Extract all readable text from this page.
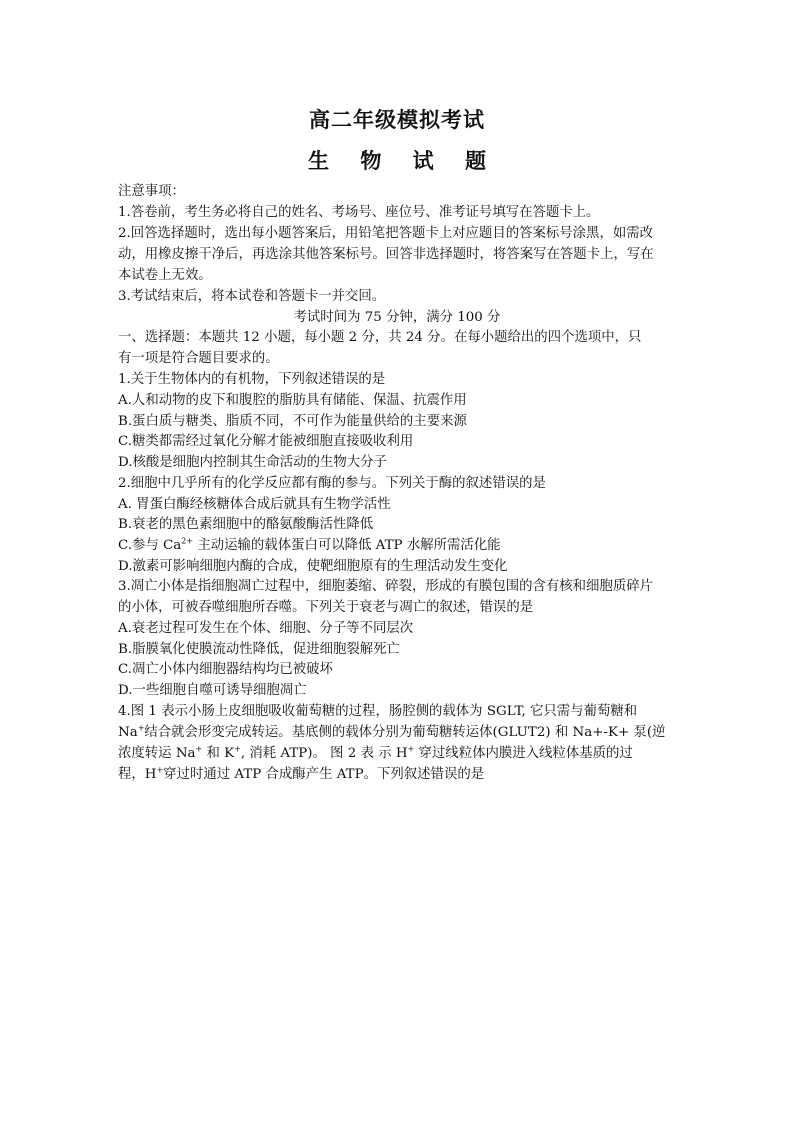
高二年级模拟考试
生 物 试 题
注意事项：
1.答卷前，考生务必将自己的姓名、考场号、座位号、准考证号填写在答题卡上。
2.回答选择题时，选出每小题答案后，用铅笔把答题卡上对应题目的答案标号涂黑，如需改
动，用橡皮擦干净后，再选涂其他答案标号。回答非选择题时，将答案写在答题卡上，写在
本试卷上无效。
3.考试结束后，将本试卷和答题卡一并交回。
考试时间为 75 分钟，满分 100 分
一、选择题：本题共 12 小题，每小题 2 分，共 24 分。在每小题给出的四个选项中，只
有一项是符合题目要求的。
1.关于生物体内的有机物，下列叙述错误的是
A.人和动物的皮下和腹腔的脂肪具有储能、保温、抗震作用
B.蛋白质与糖类、脂质不同，不可作为能量供给的主要来源
C.糖类都需经过氧化分解才能被细胞直接吸收利用
D.核酸是细胞内控制其生命活动的生物大分子
2.细胞中几乎所有的化学反应都有酶的参与。下列关于酶的叙述错误的是
A. 胃蛋白酶经核糖体合成后就具有生物学活性
B.衰老的黑色素细胞中的酪氨酸酶活性降低
C.参与 $Ca^{2+}$ 主动运输的载体蛋白可以降低 ATP 水解所需活化能
D.激素可影响细胞内酶的合成，使靶细胞原有的生理活动发生变化
3.凋亡小体是指细胞凋亡过程中，细胞萎缩、碎裂，形成的有膜包围的含有核和细胞质碎片
的小体，可被吞噬细胞所吞噬。下列关于衰老与凋亡的叙述，错误的是
A.衰老过程可发生在个体、细胞、分子等不同层次
B.脂膜氧化使膜流动性降低，促进细胞裂解死亡
C.凋亡小体内细胞器结构均已被破坏
D.一些细胞自噬可诱导细胞凋亡
4.图 1 表示小肠上皮细胞吸收葡萄糖的过程，肠腔侧的载体为 SGLT, 它只需与葡萄糖和
Na+结合就会形变完成转运。基底侧的载体分别为葡萄糖转运体(GLUT2) 和 Na+-K+ 泵(逆
浓度转运 Na+ 和 K+, 消耗 ATP)。 图 2 表 示 H+ 穿过线粒体内膜进入线粒体基质的过
程，H+穿过时通过 ATP 合成酶产生 ATP。下列叙述错误的是
